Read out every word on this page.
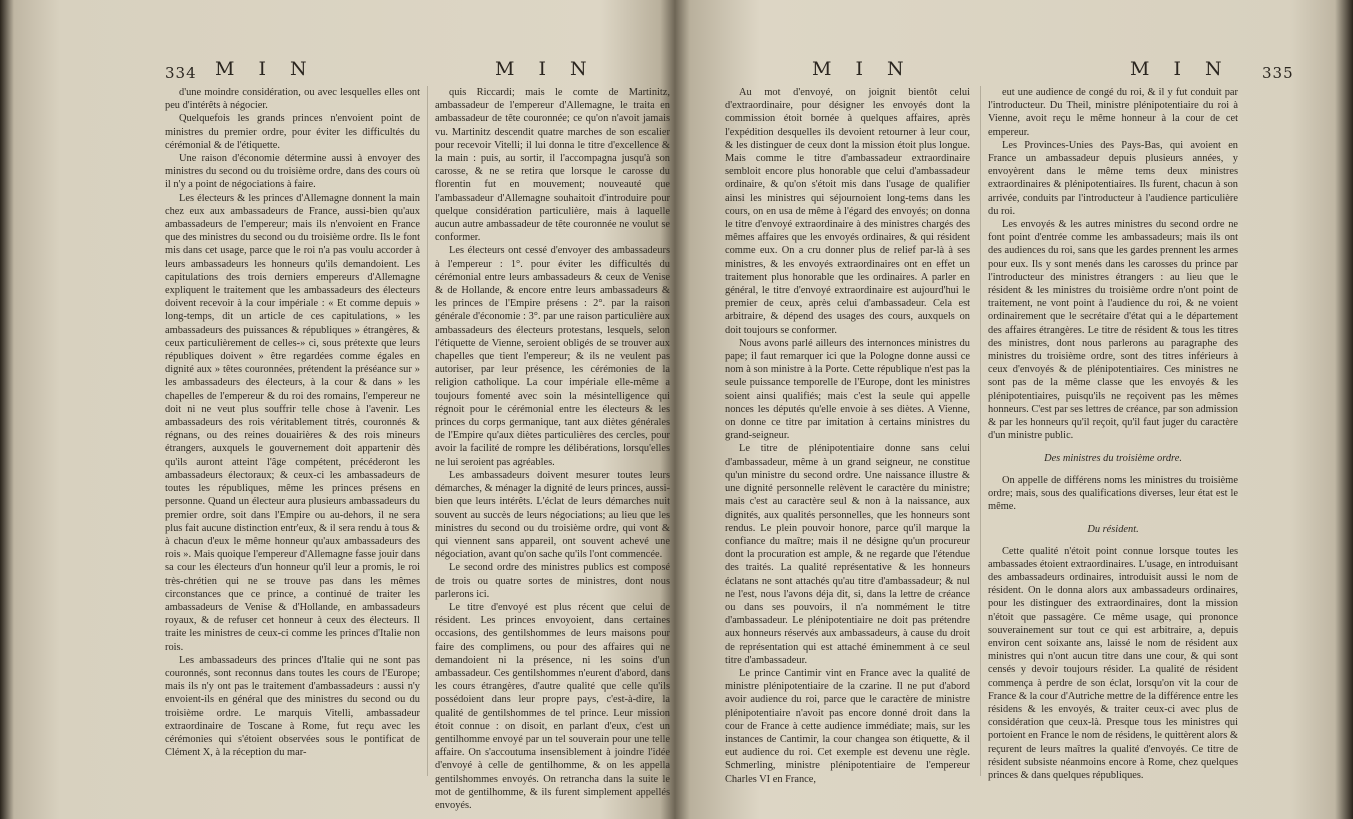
334 M I N	M I N

d'une moindre considération, ou avec lesquelles elles ont peu d'intérêts à négocier.

Quelquefois les grands princes n'envoient point de ministres du premier ordre, pour éviter les difficultés du cérémonial & de l'étiquette.

Une raison d'économie détermine aussi à envoyer des ministres du second ou du troisième ordre, dans des cours où il n'y a point de négociations à faire.

Les électeurs & les princes d'Allemagne donnent la main chez eux aux ambassadeurs de France, aussi-bien qu'aux ambassadeurs de l'empereur; mais ils n'envoient en France que des ministres du second ou du troisième ordre. Ils le font mis dans cet usage, parce que le roi n'a pas voulu accorder à leurs ambassadeurs les honneurs qu'ils demandoient. Les capitulations des trois derniers empereurs d'Allemagne expliquent le traitement que les ambassadeurs des électeurs doivent recevoir à la cour impériale : « Et comme depuis » long-temps, dit un article de ces capitulations, » les ambassadeurs des puissances & républiques » étrangères, & ceux particulièrement de celles-» ci, sous prétexte que leurs républiques doivent » être regardées comme égales en dignité aux » têtes couronnées, prétendent la préséance sur » les ambassadeurs des électeurs, à la cour & dans » les chapelles de l'empereur & du roi des romains, l'empereur ne doit ni ne veut plus souffrir telle chose à l'avenir. Les ambassadeurs des rois véritablement titrés, couronnés & régnans, ou des reines douairières & des rois mineurs étrangers, auxquels le gouvernement doit appartenir dès qu'ils auront atteint l'âge compétent, précéderont les ambassadeurs électoraux; & ceux-ci les ambassadeurs de toutes les républiques, même les princes présens en personne. Quand un électeur aura plusieurs ambassadeurs du premier ordre, soit dans l'Empire ou au-dehors, il ne sera plus fait aucune distinction entr'eux, & il sera rendu à tous & à chacun d'eux le même honneur qu'aux ambassadeurs des rois ». Mais quoique l'empereur d'Allemagne fasse jouir dans sa cour les électeurs d'un honneur qu'il leur a promis, le roi très-chrétien qui ne se trouve pas dans les mêmes circonstances que ce prince, a continué de traiter les ambassadeurs de Venise & d'Hollande, en ambassadeurs royaux, & de refuser cet honneur à ceux des électeurs. Il traite les ministres de ceux-ci comme les princes d'Italie non rois.

Les ambassadeurs des princes d'Italie qui ne sont pas couronnés, sont reconnus dans toutes les cours de l'Europe; mais ils n'y ont pas le traitement d'ambassadeurs : aussi n'y envoient-ils en général que des ministres du second ou du troisième ordre. Le marquis Vitelli, ambassadeur extraordinaire de Toscane à Rome, fut reçu avec les cérémonies qui s'étoient observées sous le pontificat de Clément X, à la réception du mar-

quis Riccardi; mais le comte de Martinitz, ambassadeur de l'empereur d'Allemagne, le traita en ambassadeur de tête couronnée; ce qu'on n'avoit jamais vu. Martinitz descendit quatre marches de son escalier pour recevoir Vitelli; il lui donna le titre d'excellence & la main : puis, au sortir, il l'accompagna jusqu'à son carosse, & ne se retira que lorsque le carosse du florentin fut en mouvement; nouveauté que l'ambassadeur d'Allemagne souhaitoit d'introduire pour quelque considération particulière, mais à laquelle aucun autre ambassadeur de tête couronnée ne voulut se conformer.

Les électeurs ont cessé d'envoyer des ambassadeurs à l'empereur : 1°. pour éviter les difficultés du cérémonial entre leurs ambassadeurs & ceux de Venise & de Hollande, & encore entre leurs ambassadeurs & les princes de l'Empire présens : 2°. par la raison générale d'économie : 3°. par une raison particulière aux ambassadeurs des électeurs protestans, lesquels, selon l'étiquette de Vienne, seroient obligés de se trouver aux chapelles que tient l'empereur; & ils ne veulent pas autoriser, par leur présence, les cérémonies de la religion catholique. La cour impériale elle-même a toujours fomenté avec soin la mésintelligence qui régnoit pour le cérémonial entre les électeurs & les princes du corps germanique, tant aux diètes générales de l'Empire qu'aux diètes particulières des cercles, pour avoir la facilité de rompre les délibérations, lorsqu'elles ne lui seroient pas agréables.

Les ambassadeurs doivent mesurer toutes leurs démarches, & ménager la dignité de leurs princes, aussi-bien que leurs intérêts. L'éclat de leurs démarches nuit souvent au succès de leurs négociations; au lieu que les ministres du second ou du troisième ordre, qui vont & qui viennent sans appareil, ont souvent achevé une négociation, avant qu'on sache qu'ils l'ont commencée.

Le second ordre des ministres publics est composé de trois ou quatre sortes de ministres, dont nous parlerons ici.

Le titre d'envoyé est plus récent que celui de résident. Les princes envoyoient, dans certaines occasions, des gentilshommes de leurs maisons pour faire des complimens, ou pour des affaires qui ne demandoient ni la présence, ni les soins d'un ambassadeur. Ces gentilshommes n'eurent d'abord, dans les cours étrangères, d'autre qualité que celle qu'ils possédoient dans leur propre pays, c'est-à-dire, la qualité de gentilshommes de tel prince. Leur mission étoit connue : on disoit, en parlant d'eux, c'est un gentilhomme envoyé par un tel souverain pour une telle affaire. On s'accoutuma insensiblement à joindre l'idée d'envoyé à celle de gentilhomme, & on les appella gentilshommes envoyés. On retrancha dans la suite le mot de gentilhomme, & ils furent simplement appellés envoyés.

M I N	M I N 335

Au mot d'envoyé, on joignit bientôt celui d'extraordinaire, pour désigner les envoyés dont la commission étoit bornée à quelques affaires, après l'expédition desquelles ils devoient retourner à leur cour, & les distinguer de ceux dont la mission étoit plus longue. Mais comme le titre d'ambassadeur extraordinaire sembloit encore plus honorable que celui d'ambassadeur ordinaire, & qu'on s'étoit mis dans l'usage de qualifier ainsi les ministres qui séjournoient long-tems dans les cours, on en usa de même à l'égard des envoyés; on donna le titre d'envoyé extraordinaire à des ministres chargés des mêmes affaires que les envoyés ordinaires, & qui résident comme eux. On a cru donner plus de relief par-là à ses ministres, & les envoyés extraordinaires ont en effet un traitement plus honorable que les ordinaires. A parler en général, le titre d'envoyé extraordinaire est aujourd'hui le premier de ceux, après celui d'ambassadeur. Cela est arbitraire, & dépend des usages des cours, auxquels on doit toujours se conformer.

Nous avons parlé ailleurs des internonces ministres du pape; il faut remarquer ici que la Pologne donne aussi ce nom à son ministre à la Porte. Cette république n'est pas la seule puissance temporelle de l'Europe, dont les ministres soient ainsi qualifiés; mais c'est la seule qui appelle nonces les députés qu'elle envoie à ses diètes. A Vienne, on donne ce titre par imitation à certains ministres du grand-seigneur.

Le titre de plénipotentiaire donne sans celui d'ambassadeur, même à un grand seigneur, ne constitue qu'un ministre du second ordre. Une naissance illustre & une dignité personnelle relèvent le caractère du ministre; mais c'est au caractère seul & non à la naissance, aux dignités, aux qualités personnelles, que les honneurs sont rendus. Le plein pouvoir honore, parce qu'il marque la confiance du maître; mais il ne désigne qu'un procureur dont la procuration est ample, & ne regarde que l'étendue des traités. La qualité représentative & les honneurs éclatans ne sont attachés qu'au titre d'ambassadeur; & nul ne l'est, nous l'avons déja dit, si, dans la lettre de créance ou dans ses pouvoirs, il n'a nommément le titre d'ambassadeur. Le plénipotentiaire ne doit pas prétendre aux honneurs réservés aux ambassadeurs, à cause du droit de représentation qui est attaché éminemment à ce seul titre d'ambassadeur.

Le prince Cantimir vint en France avec la qualité de ministre plénipotentiaire de la czarine. Il ne put d'abord avoir audience du roi, parce que le caractère de ministre plénipotentiaire n'avoit pas encore donné droit dans la cour de France à cette audience immédiate; mais, sur les instances de Cantimir, la cour changea son étiquette, & il eut audience du roi. Cet exemple est devenu une règle. Schmerling, ministre plénipotentiaire de l'empereur Charles VI en France,

eut une audience de congé du roi, & il y fut conduit par l'introducteur. Du Theil, ministre plénipotentiaire du roi à Vienne, avoit reçu le même honneur à la cour de cet empereur.

Les Provinces-Unies des Pays-Bas, qui avoient en France un ambassadeur depuis plusieurs années, y envoyèrent dans le même tems deux ministres extraordinaires & plénipotentiaires. Ils furent, chacun à son arrivée, conduits par l'introducteur à l'audience particulière du roi.

Les envoyés & les autres ministres du second ordre ne font point d'entrée comme les ambassadeurs; mais ils ont des audiences du roi, sans que les gardes prennent les armes pour eux. Ils y sont menés dans les carosses du prince par l'introducteur des ministres étrangers : au lieu que le résident & les ministres du troisième ordre n'ont point de traitement, ne vont point à l'audience du roi, & ne voient ordinairement que le secrétaire d'état qui a le département des affaires étrangères. Le titre de résident & tous les titres des ministres, dont nous parlerons au paragraphe des ministres du troisième ordre, sont des titres inférieurs à ceux d'envoyés & de plénipotentiaires. Ces ministres ne sont pas de la même classe que les envoyés & les plénipotentiaires, puisqu'ils ne reçoivent pas les mêmes honneurs. C'est par ses lettres de créance, par son admission & par les honneurs qu'il reçoit, qu'il faut juger du caractère d'un ministre public.

Des ministres du troisième ordre.

On appelle de différens noms les ministres du troisième ordre; mais, sous des qualifications diverses, leur état est le même.

Du résident.

Cette qualité n'étoit point connue lorsque toutes les ambassades étoient extraordinaires. L'usage, en introduisant des ambassadeurs ordinaires, introduisit aussi le nom de résident. On le donna alors aux ambassadeurs ordinaires, pour les distinguer des extraordinaires, dont la mission n'étoit que passagère. Ce même usage, qui prononce souverainement sur tout ce qui est arbitraire, a, depuis environ cent soixante ans, laissé le nom de résident aux ministres qui n'ont aucun titre dans une cour, & qui sont censés y devoir toujours résider. La qualité de résident commença à perdre de son éclat, lorsqu'on vit la cour de France & la cour d'Autriche mettre de la différence entre les résidens & les envoyés, & traiter ceux-ci avec plus de considération que ceux-là. Presque tous les ministres qui portoient en France le nom de résidens, le quittèrent alors & reçurent de leurs maîtres la qualité d'envoyés. Ce titre de résident subsiste néanmoins encore à Rome, chez quelques princes & dans quelques républiques.
